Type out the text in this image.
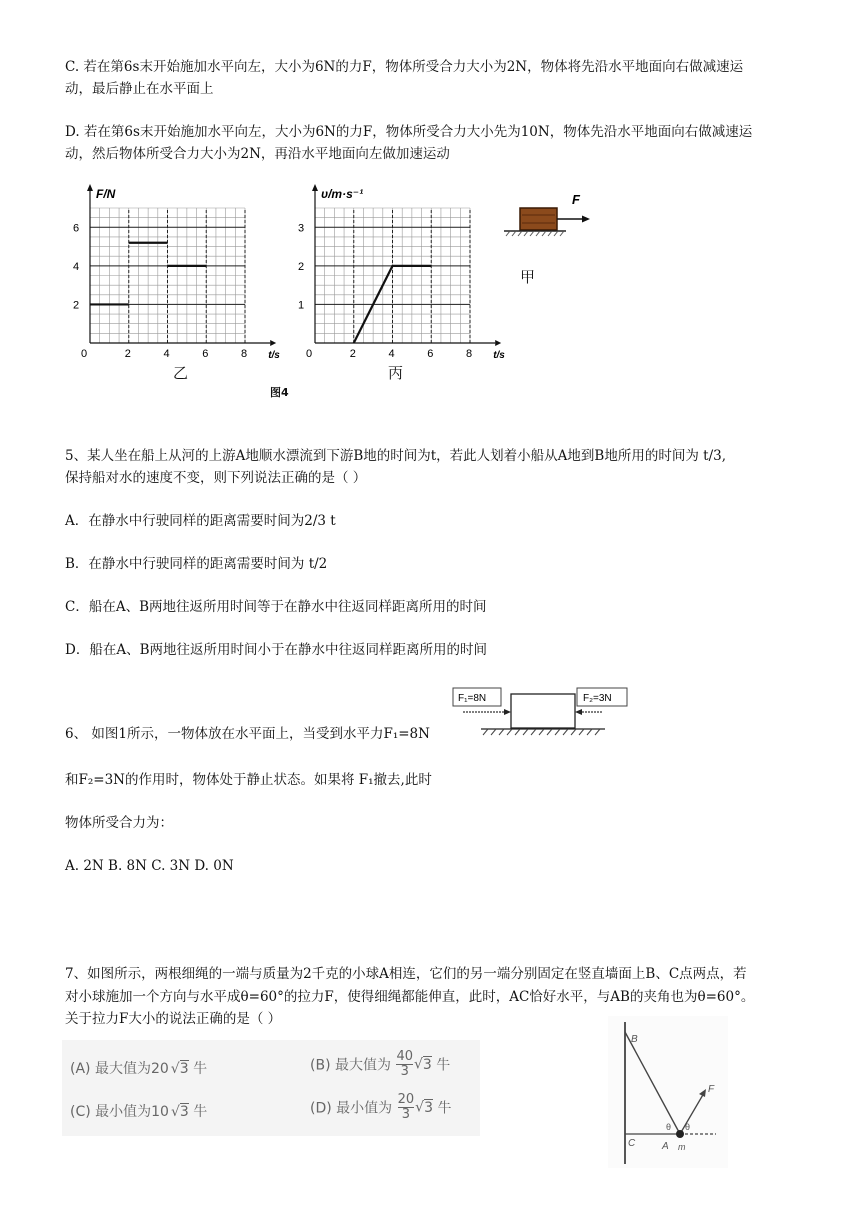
C. 若在第6s末开始施加水平向左，大小为6N的力F，物体所受合力大小为2N，物体将先沿水平地面向右做减速运
动，最后静止在水平面上
D. 若在第6s末开始施加水平向左，大小为6N的力F，物体所受合力大小先为10N，物体先沿水平地面向右做减速运
动，然后物体所受合力大小为2N，再沿水平地面向左做加速运动
0	2	4	6	8
2
4
6
F/N
t/s 0	2	4	6	8
1
2
3
υ/m·s⁻¹
t/s
乙	丙
图4
F
甲
5、某人坐在船上从河的上游A地顺水漂流到下游B地的时间为t，若此人划着小船从A地到B地所用的时间为 t/3,
保持船对水的速度不变，则下列说法正确的是（ ）
A．在静水中行驶同样的距离需要时间为2/3 t
B．在静水中行驶同样的距离需要时间为 t/2
C．船在A、B两地往返所用时间等于在静水中往返同样距离所用的时间
D．船在A、B两地往返所用时间小于在静水中往返同样距离所用的时间
F₁=8N	F₂=3N
6、 如图1所示，一物体放在水平面上，当受到水平力F₁=8N
和F₂=3N的作用时，物体处于静止状态。如果将 F₁撤去,此时
物体所受合力为：
A. 2N B. 8N C. 3N D. 0N
7、如图所示，两根细绳的一端与质量为2千克的小球A相连，它们的另一端分别固定在竖直墙面上B、C点两点，若
对小球施加一个方向与水平成θ=60°的拉力F，使得细绳都能伸直，此时，AC恰好水平，与AB的夹角也为θ=60°。
关于拉力F大小的说法正确的是（ ）
(A) 最大值为20 √3 牛	(B) 最大值为 $\frac{40}{3} √3$ 牛
(C) 最小值为10 √3 牛	(D) 最小值为 $\frac{20}{3} √3$ 牛
B
C	A m
F
θ θ
